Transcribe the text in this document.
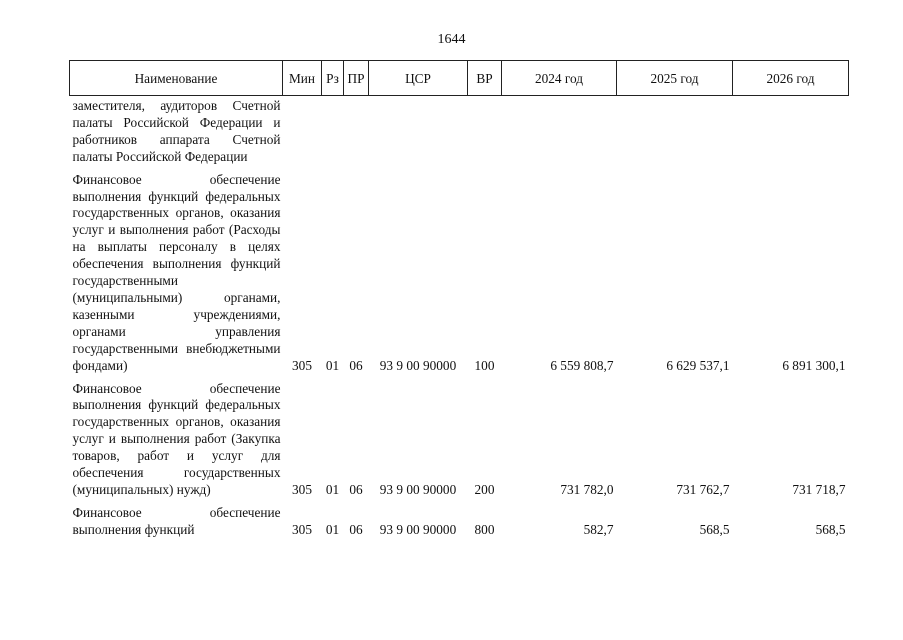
1644
Наименование	Мин	Рз	ПР	ЦСР	ВР	2024 год	2025 год	2026 год
заместителя, аудиторов Счетной палаты Российской Федерации и работников аппарата Счетной палаты Российской Федерации								
Финансовое обеспечение выполнения функций федеральных государственных органов, оказания услуг и выполнения работ (Расходы на выплаты персоналу в целях обеспечения выполнения функций государственными (муниципальными) органами, казенными учреждениями, органами управления государственными внебюджетными фондами)	305	01	06	93 9 00 90000	100	6 559 808,7	6 629 537,1	6 891 300,1
Финансовое обеспечение выполнения функций федеральных государственных органов, оказания услуг и выполнения работ (Закупка товаров, работ и услуг для обеспечения государственных (муниципальных) нужд)	305	01	06	93 9 00 90000	200	731 782,0	731 762,7	731 718,7
Финансовое обеспечение выполнения функций	305	01	06	93 9 00 90000	800	582,7	568,5	568,5
